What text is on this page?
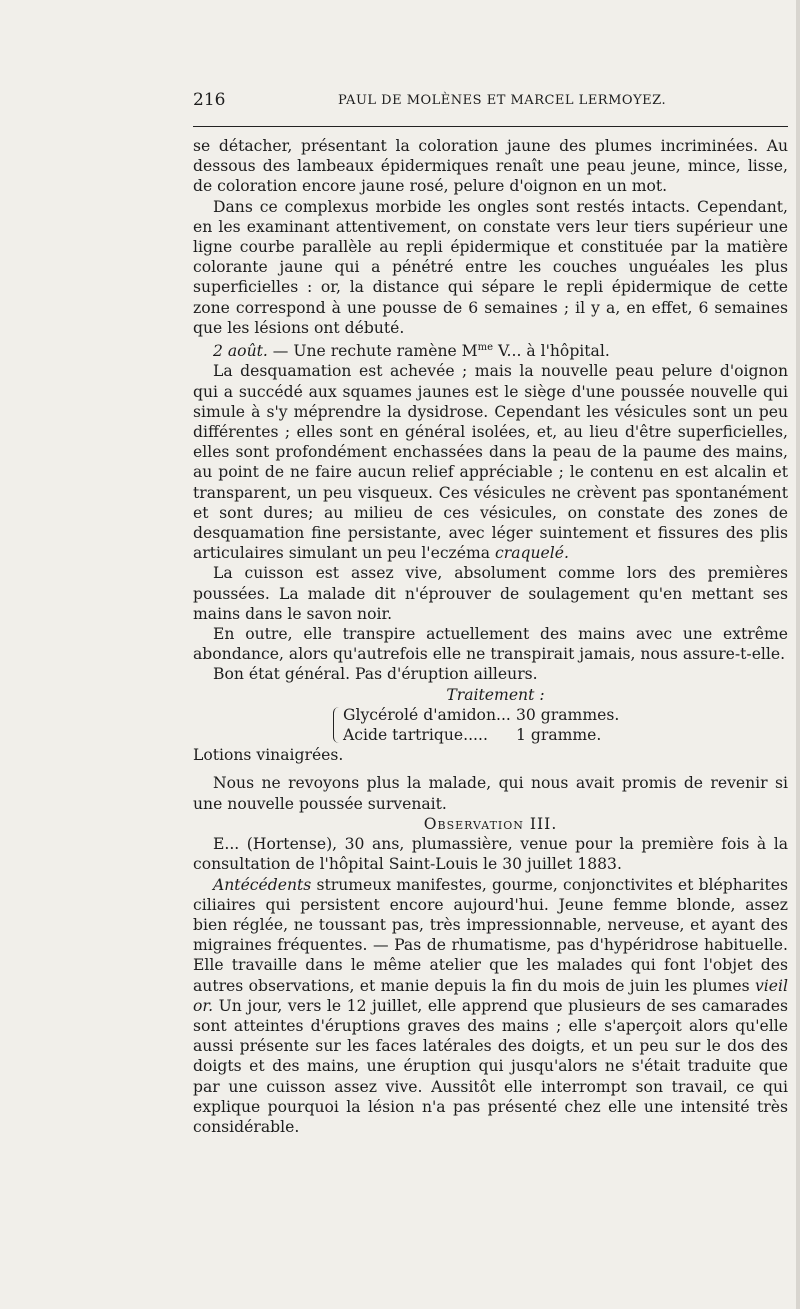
216	PAUL DE MOLÈNES ET MARCEL LERMOYEZ.

se détacher, présentant la coloration jaune des plumes incriminées. Au dessous des lambeaux épidermiques renaît une peau jeune, mince, lisse, de coloration encore jaune rosé, pelure d'oignon en un mot.

Dans ce complexus morbide les ongles sont restés intacts. Cependant, en les examinant attentivement, on constate vers leur tiers supérieur une ligne courbe parallèle au repli épidermique et constituée par la matière colorante jaune qui a pénétré entre les couches unguéales les plus superficielles : or, la distance qui sépare le repli épidermique de cette zone correspond à une pousse de 6 semaines ; il y a, en effet, 6 semaines que les lésions ont débuté.

2 août. — Une rechute ramène $M^{me}$ V... à l'hôpital.

La desquamation est achevée ; mais la nouvelle peau pelure d'oignon qui a succédé aux squames jaunes est le siège d'une poussée nouvelle qui simule à s'y méprendre la dysidrose. Cependant les vésicules sont un peu différentes ; elles sont en général isolées, et, au lieu d'être superficielles, elles sont profondément enchassées dans la peau de la paume des mains, au point de ne faire aucun relief appréciable ; le contenu en est alcalin et transparent, un peu visqueux. Ces vésicules ne crèvent pas spontanément et sont dures; au milieu de ces vésicules, on constate des zones de desquamation fine persistante, avec léger suintement et fissures des plis articulaires simulant un peu l'eczéma craquelé.

La cuisson est assez vive, absolument comme lors des premières poussées. La malade dit n'éprouver de soulagement qu'en mettant ses mains dans le savon noir.

En outre, elle transpire actuellement des mains avec une extrême abondance, alors qu'autrefois elle ne transpirait jamais, nous assure-t-elle.

Bon état général. Pas d'éruption ailleurs.

Traitement :

Glycérolé d'amidon... 30 grammes.
Acide tartrique.....	1 gramme.

Lotions vinaigrées.

Nous ne revoyons plus la malade, qui nous avait promis de revenir si une nouvelle poussée survenait.

Observation III.

E... (Hortense), 30 ans, plumassière, venue pour la première fois à la consultation de l'hôpital Saint-Louis le 30 juillet 1883.

Antécédents strumeux manifestes, gourme, conjonctivites et blépharites ciliaires qui persistent encore aujourd'hui. Jeune femme blonde, assez bien réglée, ne toussant pas, très impressionnable, nerveuse, et ayant des migraines fréquentes. — Pas de rhumatisme, pas d'hypéridrose habituelle. Elle travaille dans le même atelier que les malades qui font l'objet des autres observations, et manie depuis la fin du mois de juin les plumes vieil or. Un jour, vers le 12 juillet, elle apprend que plusieurs de ses camarades sont atteintes d'éruptions graves des mains ; elle s'aperçoit alors qu'elle aussi présente sur les faces latérales des doigts, et un peu sur le dos des doigts et des mains, une éruption qui jusqu'alors ne s'était traduite que par une cuisson assez vive. Aussitôt elle interrompt son travail, ce qui explique pourquoi la lésion n'a pas présenté chez elle une intensité très considérable.
